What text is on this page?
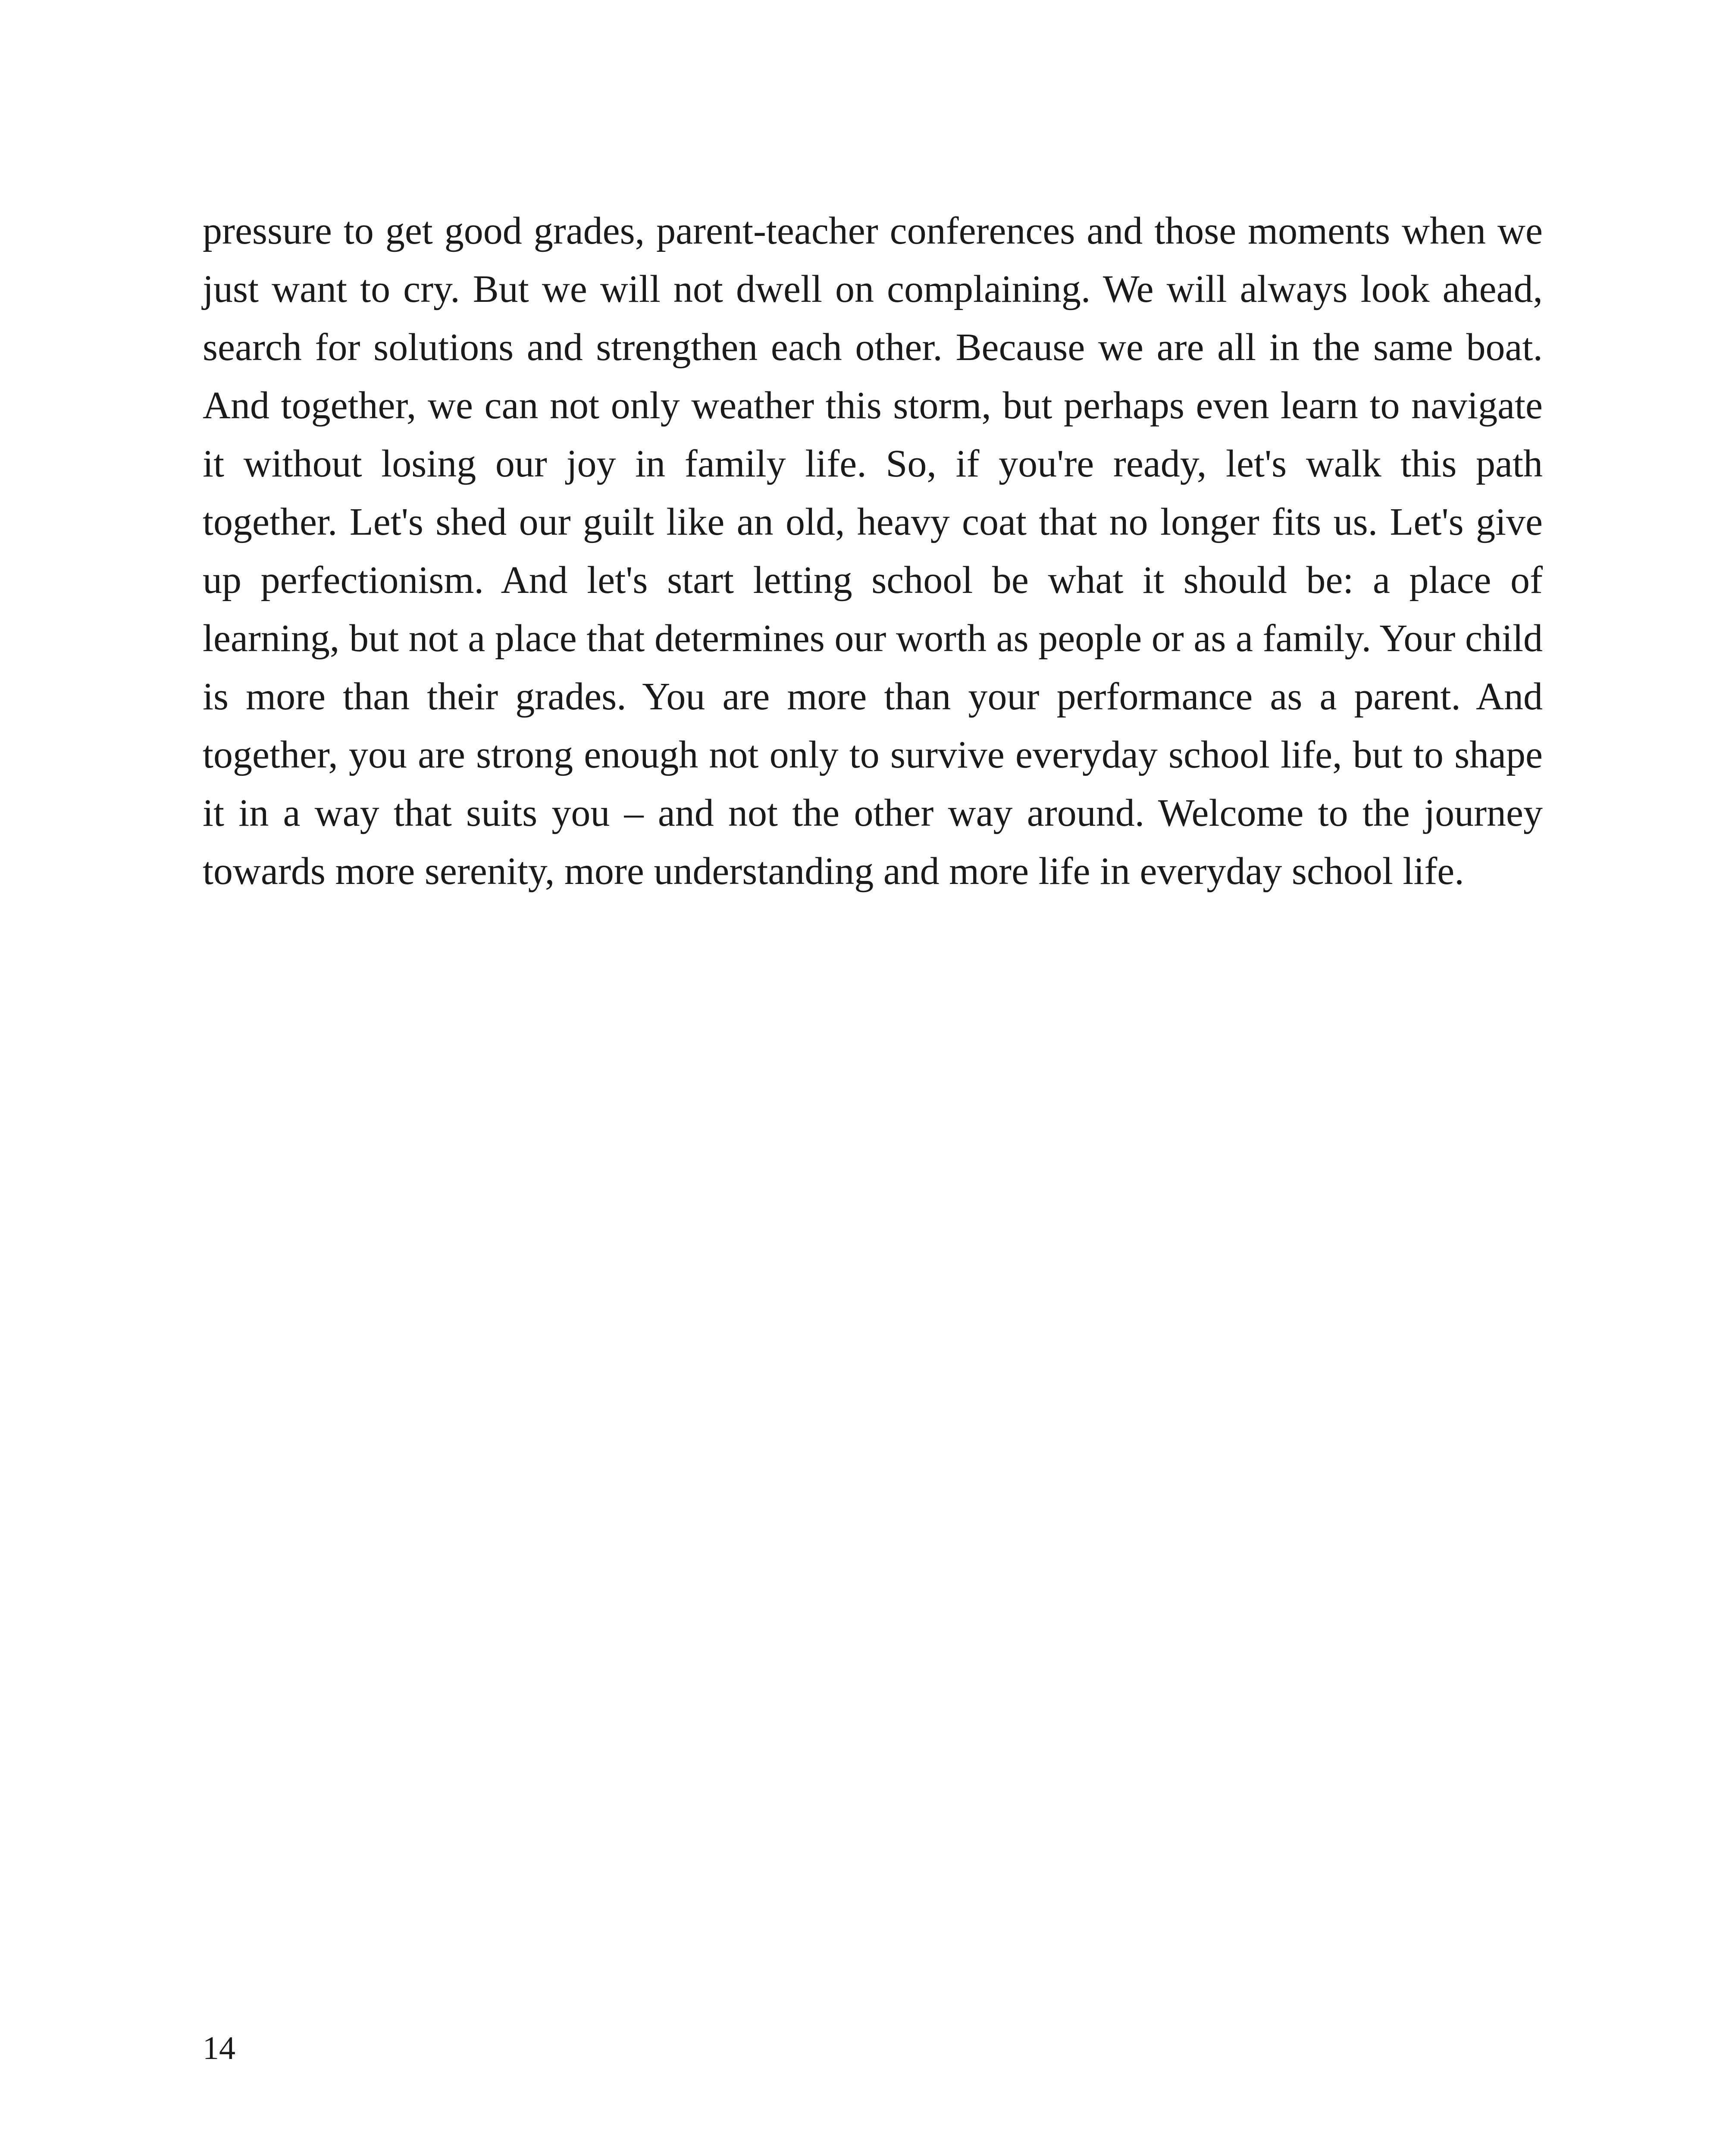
pressure to get good grades, parent-teacher conferences and those moments when we just want to cry. But we will not dwell on complaining. We will always look ahead, search for solutions and strengthen each other. Because we are all in the same boat. And together, we can not only weather this storm, but perhaps even learn to navigate it without losing our joy in family life. So, if you're ready, let's walk this path together. Let's shed our guilt like an old, heavy coat that no longer fits us. Let's give up perfectionism. And let's start letting school be what it should be: a place of learning, but not a place that determines our worth as people or as a family. Your child is more than their grades. You are more than your performance as a parent. And together, you are strong enough not only to survive everyday school life, but to shape it in a way that suits you – and not the other way around. Welcome to the journey towards more serenity, more understanding and more life in everyday school life.

14
